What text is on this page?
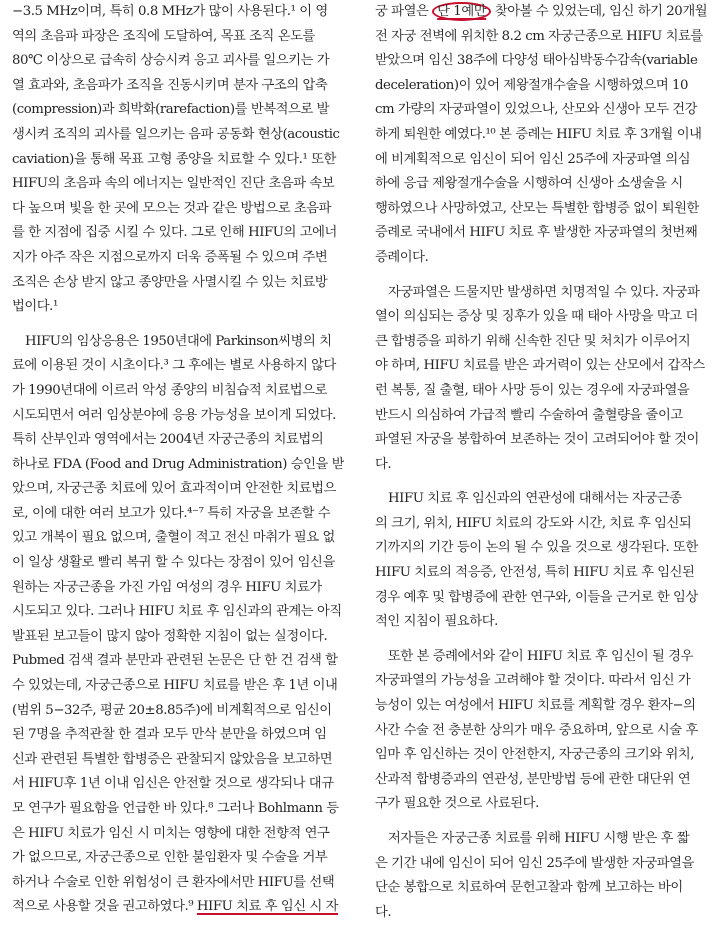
−3.5 MHz이며, 특히 0.8 MHz가 많이 사용된다.¹ 이 영
역의 초음파 파장은 조직에 도달하여, 목표 조직 온도를
80℃ 이상으로 급속히 상승시켜 응고 괴사를 일으키는 가
열 효과와, 초음파가 조직을 진동시키며 분자 구조의 압축
(compression)과 희박화(rarefaction)를 반복적으로 발
생시켜 조직의 괴사를 일으키는 음파 공동화 현상(acoustic
caviation)을 통해 목표 고형 종양을 치료할 수 있다.¹ 또한
HIFU의 초음파 속의 에너지는 일반적인 진단 초음파 속보
다 높으며 빛을 한 곳에 모으는 것과 같은 방법으로 초음파
를 한 지점에 집중 시킬 수 있다. 그로 인해 HIFU의 고에너
지가 아주 작은 지점으로까지 더욱 증폭될 수 있으며 주변
조직은 손상 받지 않고 종양만을 사멸시킬 수 있는 치료방
법이다.¹
HIFU의 임상응용은 1950년대에 Parkinson씨병의 치
료에 이용된 것이 시초이다.³ 그 후에는 별로 사용하지 않다
가 1990년대에 이르러 악성 종양의 비침습적 치료법으로
시도되면서 여러 임상분야에 응용 가능성을 보이게 되었다.
특히 산부인과 영역에서는 2004년 자궁근종의 치료법의
하나로 FDA (Food and Drug Administration) 승인을 받
았으며, 자궁근종 치료에 있어 효과적이며 안전한 치료법으
로, 이에 대한 여러 보고가 있다.⁴⁻⁷ 특히 자궁을 보존할 수
있고 개복이 필요 없으며, 출혈이 적고 전신 마취가 필요 없
이 일상 생활로 빨리 복귀 할 수 있다는 장점이 있어 임신을
원하는 자궁근종을 가진 가임 여성의 경우 HIFU 치료가
시도되고 있다. 그러나 HIFU 치료 후 임신과의 관계는 아직
발표된 보고들이 많지 않아 정확한 지침이 없는 실정이다.
Pubmed 검색 결과 분만과 관련된 논문은 단 한 건 검색 할
수 있었는데, 자궁근종으로 HIFU 치료를 받은 후 1년 이내
(범위 5−32주, 평균 20±8.85주)에 비계획적으로 임신이
된 7명을 추적관찰 한 결과 모두 만삭 분만을 하였으며 임
신과 관련된 특별한 합병증은 관찰되지 않았음을 보고하면
서 HIFU후 1년 이내 임신은 안전할 것으로 생각되나 대규
모 연구가 필요함을 언급한 바 있다.⁸ 그러나 Bohlmann 등
은 HIFU 치료가 임신 시 미치는 영향에 대한 전향적 연구
가 없으므로, 자궁근종으로 인한 불임환자 및 수술을 거부
하거나 수술로 인한 위험성이 큰 환자에서만 HIFU를 선택
적으로 사용할 것을 권고하였다.⁹ HIFU 치료 후 임신 시 자
궁 파열은 단 1예만 찾아볼 수 있었는데, 임신 하기 20개월
전 자궁 전벽에 위치한 8.2 cm 자궁근종으로 HIFU 치료를
받았으며 임신 38주에 다양성 태아심박동수감속(variable
deceleration)이 있어 제왕절개수술을 시행하였으며 10
cm 가량의 자궁파열이 있었으나, 산모와 신생아 모두 건강
하게 퇴원한 예였다.¹⁰ 본 증례는 HIFU 치료 후 3개월 이내
에 비계획적으로 임신이 되어 임신 25주에 자궁파열 의심
하에 응급 제왕절개수술을 시행하여 신생아 소생술을 시
행하였으나 사망하였고, 산모는 특별한 합병증 없이 퇴원한
증례로 국내에서 HIFU 치료 후 발생한 자궁파열의 첫번째
증례이다.
자궁파열은 드물지만 발생하면 치명적일 수 있다. 자궁파
열이 의심되는 증상 및 징후가 있을 때 태아 사망을 막고 더
큰 합병증을 피하기 위해 신속한 진단 및 처치가 이루어지
야 하며, HIFU 치료를 받은 과거력이 있는 산모에서 갑작스
런 복통, 질 출혈, 태아 사망 등이 있는 경우에 자궁파열을
반드시 의심하여 가급적 빨리 수술하여 출혈량을 줄이고
파열된 자궁을 봉합하여 보존하는 것이 고려되어야 할 것이
다.
HIFU 치료 후 임신과의 연관성에 대해서는 자궁근종
의 크기, 위치, HIFU 치료의 강도와 시간, 치료 후 임신되
기까지의 기간 등이 논의 될 수 있을 것으로 생각된다. 또한
HIFU 치료의 적응증, 안전성, 특히 HIFU 치료 후 임신된
경우 예후 및 합병증에 관한 연구와, 이들을 근거로 한 임상
적인 지침이 필요하다.
또한 본 증례에서와 같이 HIFU 치료 후 임신이 될 경우
자궁파열의 가능성을 고려해야 할 것이다. 따라서 임신 가
능성이 있는 여성에서 HIFU 치료를 계획할 경우 환자−의
사간 수술 전 충분한 상의가 매우 중요하며, 앞으로 시술 후
임마 후 임신하는 것이 안전한지, 자궁근종의 크기와 위치,
산과적 합병증과의 연관성, 분만방법 등에 관한 대단위 연
구가 필요한 것으로 사료된다.
저자들은 자궁근종 치료를 위해 HIFU 시행 받은 후 짧
은 기간 내에 임신이 되어 임신 25주에 발생한 자궁파열을
단순 봉합으로 치료하여 문헌고찰과 함께 보고하는 바이
다.
